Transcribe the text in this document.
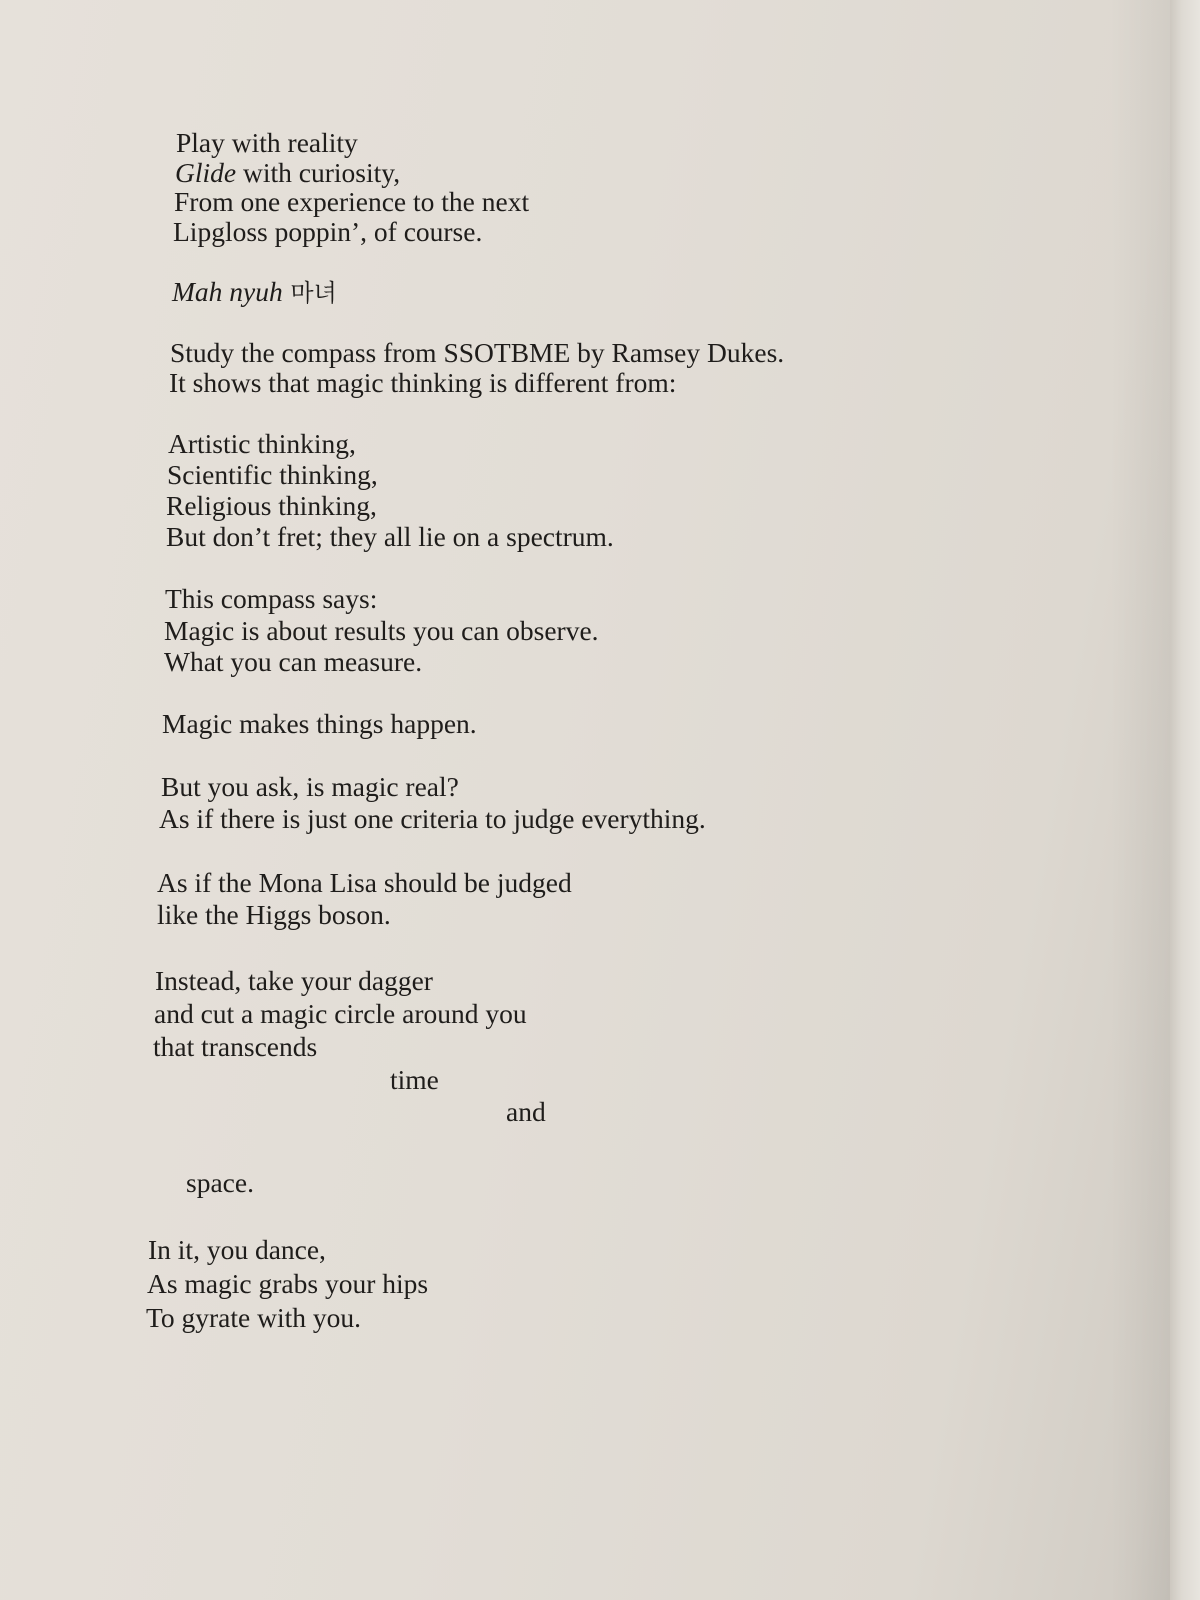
Play with reality

Glide with curiosity,

From one experience to the next

Lipgloss poppin’, of course.

Mah nyuh 마녀

Study the compass from SSOTBME by Ramsey Dukes.

It shows that magic thinking is different from:

Artistic thinking,

Scientific thinking,

Religious thinking,

But don’t fret; they all lie on a spectrum.

This compass says:

Magic is about results you can observe.

What you can measure.

Magic makes things happen.

But you ask, is magic real?

As if there is just one criteria to judge everything.

As if the Mona Lisa should be judged

like the Higgs boson.

Instead, take your dagger

and cut a magic circle around you

that transcends

time

and

space.

In it, you dance,

As magic grabs your hips

To gyrate with you.
